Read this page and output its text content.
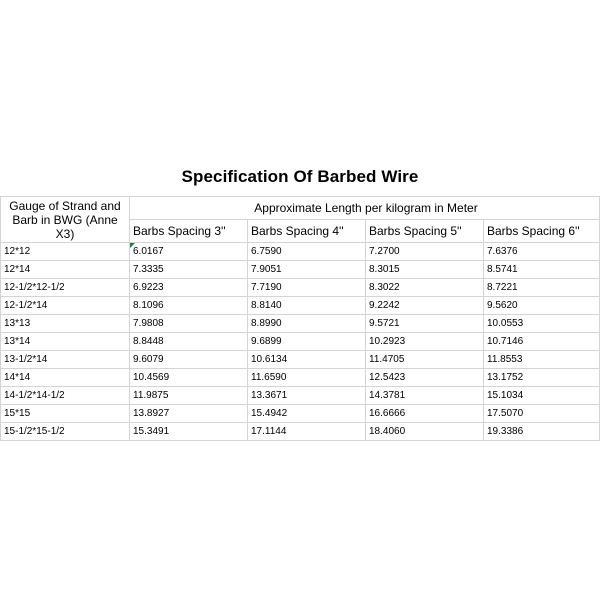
Specification Of Barbed Wire
Gauge of Strand and Barb in BWG (Anne X3)	Approximate Length per kilogram in Meter			
	Barbs Spacing 3''	Barbs Spacing 4''	Barbs Spacing 5''	Barbs Spacing 6''
12*12	6.0167	6.7590	7.2700	7.6376
12*14	7.3335	7.9051	8.3015	8.5741
12-1/2*12-1/2	6.9223	7.7190	8.3022	8.7221
12-1/2*14	8.1096	8.8140	9.2242	9.5620
13*13	7.9808	8.8990	9.5721	10.0553
13*14	8.8448	9.6899	10.2923	10.7146
13-1/2*14	9.6079	10.6134	11.4705	11.8553
14*14	10.4569	11.6590	12.5423	13.1752
14-1/2*14-1/2	11.9875	13.3671	14.3781	15.1034
15*15	13.8927	15.4942	16.6666	17.5070
15-1/2*15-1/2	15.3491	17.1144	18.4060	19.3386
